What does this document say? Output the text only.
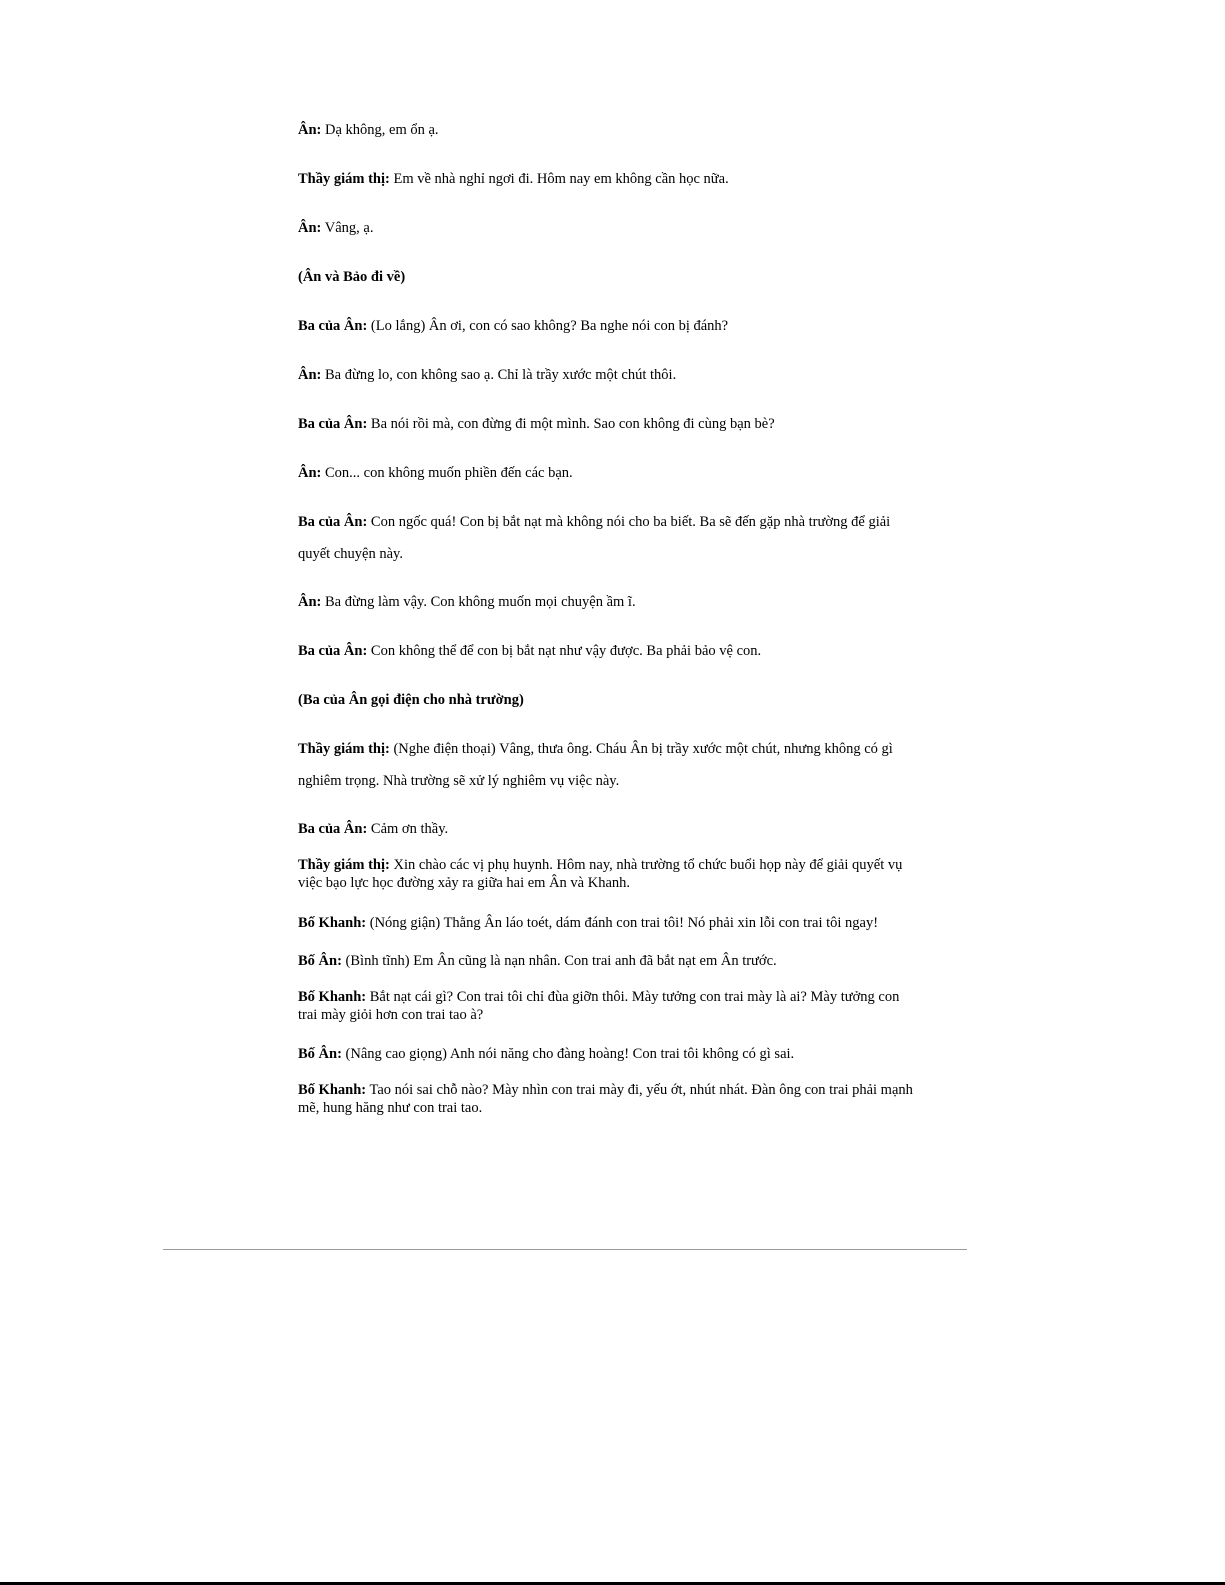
Ân: Dạ không, em ổn ạ.
Thầy giám thị: Em về nhà nghỉ ngơi đi. Hôm nay em không cần học nữa.
Ân: Vâng, ạ.
(Ân và Bảo đi về)
Ba của Ân: (Lo lắng) Ân ơi, con có sao không? Ba nghe nói con bị đánh?
Ân: Ba đừng lo, con không sao ạ. Chỉ là trầy xước một chút thôi.
Ba của Ân: Ba nói rồi mà, con đừng đi một mình. Sao con không đi cùng bạn bè?
Ân: Con... con không muốn phiền đến các bạn.
Ba của Ân: Con ngốc quá! Con bị bắt nạt mà không nói cho ba biết. Ba sẽ đến gặp nhà trường để giải quyết chuyện này.
Ân: Ba đừng làm vậy. Con không muốn mọi chuyện ầm ĩ.
Ba của Ân: Con không thể để con bị bắt nạt như vậy được. Ba phải bảo vệ con.
(Ba của Ân gọi điện cho nhà trường)
Thầy giám thị: (Nghe điện thoại) Vâng, thưa ông. Cháu Ân bị trầy xước một chút, nhưng không có gì nghiêm trọng. Nhà trường sẽ xử lý nghiêm vụ việc này.
Ba của Ân: Cảm ơn thầy.
Thầy giám thị: Xin chào các vị phụ huynh. Hôm nay, nhà trường tổ chức buổi họp này để giải quyết vụ việc bạo lực học đường xảy ra giữa hai em Ân và Khanh.
Bố Khanh: (Nóng giận) Thằng Ân láo toét, dám đánh con trai tôi! Nó phải xin lỗi con trai tôi ngay!
Bố Ân: (Bình tĩnh) Em Ân cũng là nạn nhân. Con trai anh đã bắt nạt em Ân trước.
Bố Khanh: Bắt nạt cái gì? Con trai tôi chỉ đùa giỡn thôi. Mày tưởng con trai mày là ai? Mày tưởng con trai mày giỏi hơn con trai tao à?
Bố Ân: (Nâng cao giọng) Anh nói năng cho đàng hoàng! Con trai tôi không có gì sai.
Bố Khanh: Tao nói sai chỗ nào? Mày nhìn con trai mày đi, yếu ớt, nhút nhát. Đàn ông con trai phải mạnh mẽ, hung hăng như con trai tao.
